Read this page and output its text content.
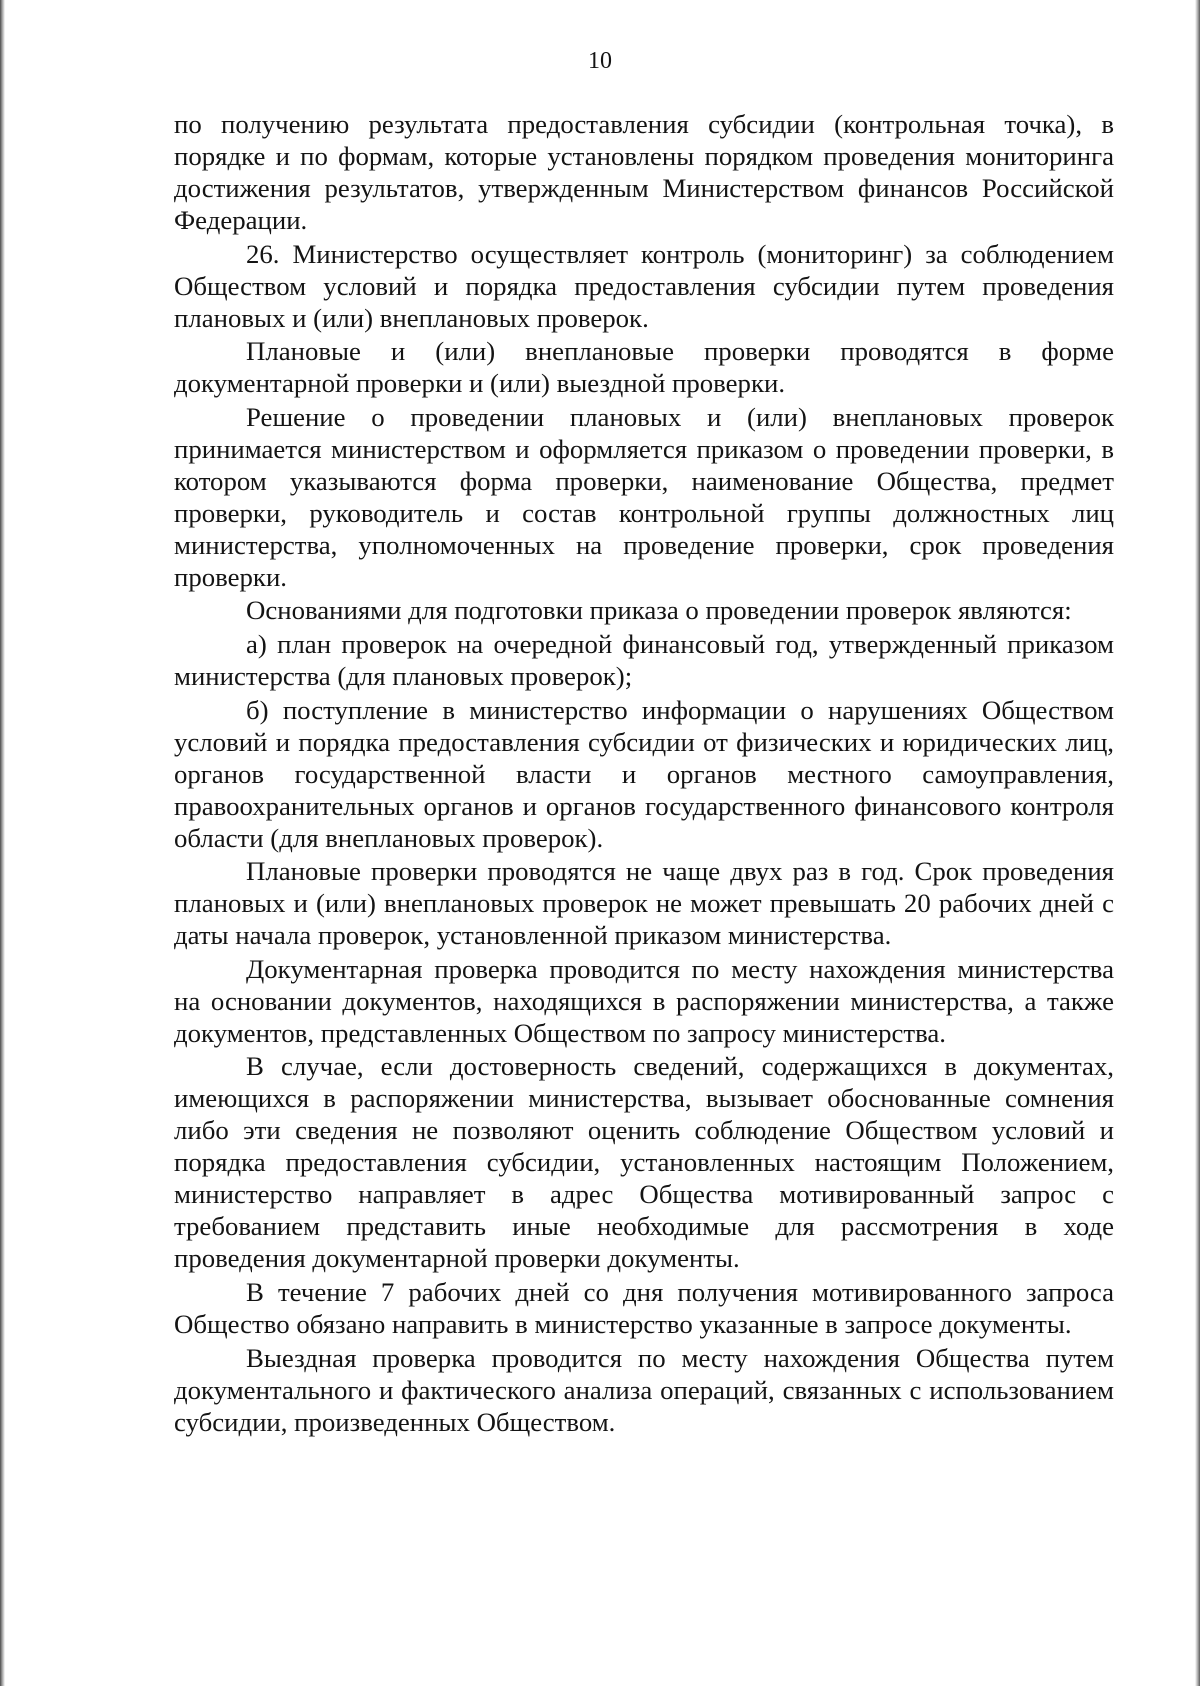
10

по получению результата предоставления субсидии (контрольная точка), в порядке и по формам, которые установлены порядком проведения мониторинга достижения результатов, утвержденным Министерством финансов Российской Федерации.

26. Министерство осуществляет контроль (мониторинг) за соблюдением Обществом условий и порядка предоставления субсидии путем проведения плановых и (или) внеплановых проверок.

Плановые и (или) внеплановые проверки проводятся в форме документарной проверки и (или) выездной проверки.

Решение о проведении плановых и (или) внеплановых проверок принимается министерством и оформляется приказом о проведении проверки, в котором указываются форма проверки, наименование Общества, предмет проверки, руководитель и состав контрольной группы должностных лиц министерства, уполномоченных на проведение проверки, срок проведения проверки.

Основаниями для подготовки приказа о проведении проверок являются:

а) план проверок на очередной финансовый год, утвержденный приказом министерства (для плановых проверок);

б) поступление в министерство информации о нарушениях Обществом условий и порядка предоставления субсидии от физических и юридических лиц, органов государственной власти и органов местного самоуправления, правоохранительных органов и органов государственного финансового контроля области (для внеплановых проверок).

Плановые проверки проводятся не чаще двух раз в год. Срок проведения плановых и (или) внеплановых проверок не может превышать 20 рабочих дней с даты начала проверок, установленной приказом министерства.

Документарная проверка проводится по месту нахождения министерства на основании документов, находящихся в распоряжении министерства, а также документов, представленных Обществом по запросу министерства.

В случае, если достоверность сведений, содержащихся в документах, имеющихся в распоряжении министерства, вызывает обоснованные сомнения либо эти сведения не позволяют оценить соблюдение Обществом условий и порядка предоставления субсидии, установленных настоящим Положением, министерство направляет в адрес Общества мотивированный запрос с требованием представить иные необходимые для рассмотрения в ходе проведения документарной проверки документы.

В течение 7 рабочих дней со дня получения мотивированного запроса Общество обязано направить в министерство указанные в запросе документы.

Выездная проверка проводится по месту нахождения Общества путем документального и фактического анализа операций, связанных с использованием субсидии, произведенных Обществом.
